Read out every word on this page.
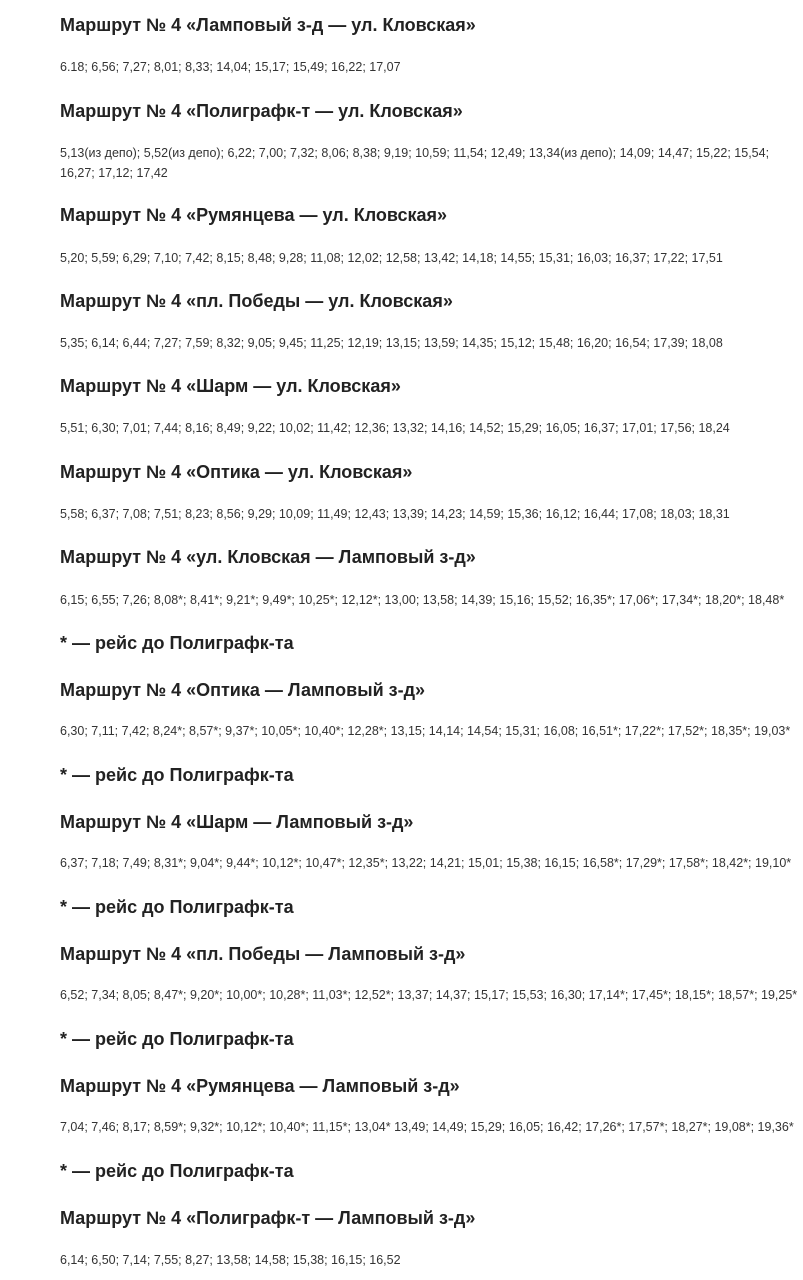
Маршрут № 4 «Ламповый з-д — ул. Кловская»

6.18; 6,56; 7,27; 8,01; 8,33; 14,04; 15,17; 15,49; 16,22; 17,07

Маршрут № 4 «Полиграфк-т — ул. Кловская»

5,13(из депо); 5,52(из депо); 6,22; 7,00; 7,32; 8,06; 8,38; 9,19; 10,59; 11,54; 12,49; 13,34(из депо); 14,09; 14,47; 15,22; 15,54; 16,27; 17,12; 17,42

Маршрут № 4 «Румянцева — ул. Кловская»

5,20; 5,59; 6,29; 7,10; 7,42; 8,15; 8,48; 9,28; 11,08; 12,02; 12,58; 13,42; 14,18; 14,55; 15,31; 16,03; 16,37; 17,22; 17,51

Маршрут № 4 «пл. Победы — ул. Кловская»

5,35; 6,14; 6,44; 7,27; 7,59; 8,32; 9,05; 9,45; 11,25; 12,19; 13,15; 13,59; 14,35; 15,12; 15,48; 16,20; 16,54; 17,39; 18,08

Маршрут № 4 «Шарм — ул. Кловская»

5,51; 6,30; 7,01; 7,44; 8,16; 8,49; 9,22; 10,02; 11,42; 12,36; 13,32; 14,16; 14,52; 15,29; 16,05; 16,37; 17,01; 17,56; 18,24

Маршрут № 4 «Оптика — ул. Кловская»

5,58; 6,37; 7,08; 7,51; 8,23; 8,56; 9,29; 10,09; 11,49; 12,43; 13,39; 14,23; 14,59; 15,36; 16,12; 16,44; 17,08; 18,03; 18,31

Маршрут № 4 «ул. Кловская — Ламповый з-д»

6,15; 6,55; 7,26; 8,08*; 8,41*; 9,21*; 9,49*; 10,25*; 12,12*; 13,00; 13,58; 14,39; 15,16; 15,52; 16,35*; 17,06*; 17,34*; 18,20*; 18,48*

* — рейс до Полиграфк-та

Маршрут № 4 «Оптика — Ламповый з-д»

6,30; 7,11; 7,42; 8,24*; 8,57*; 9,37*; 10,05*; 10,40*; 12,28*; 13,15; 14,14; 14,54; 15,31; 16,08; 16,51*; 17,22*; 17,52*; 18,35*; 19,03*

* — рейс до Полиграфк-та

Маршрут № 4 «Шарм — Ламповый з-д»

6,37; 7,18; 7,49; 8,31*; 9,04*; 9,44*; 10,12*; 10,47*; 12,35*; 13,22; 14,21; 15,01; 15,38; 16,15; 16,58*; 17,29*; 17,58*; 18,42*; 19,10*

* — рейс до Полиграфк-та

Маршрут № 4 «пл. Победы — Ламповый з-д»

6,52; 7,34; 8,05; 8,47*; 9,20*; 10,00*; 10,28*; 11,03*; 12,52*; 13,37; 14,37; 15,17; 15,53; 16,30; 17,14*; 17,45*; 18,15*; 18,57*; 19,25*

* — рейс до Полиграфк-та

Маршрут № 4 «Румянцева — Ламповый з-д»

7,04; 7,46; 8,17; 8,59*; 9,32*; 10,12*; 10,40*; 11,15*; 13,04* 13,49; 14,49; 15,29; 16,05; 16,42; 17,26*; 17,57*; 18,27*; 19,08*; 19,36*

* — рейс до Полиграфк-та

Маршрут № 4 «Полиграфк-т — Ламповый з-д»

6,14; 6,50; 7,14; 7,55; 8,27; 13,58; 14,58; 15,38; 16,15; 16,52
